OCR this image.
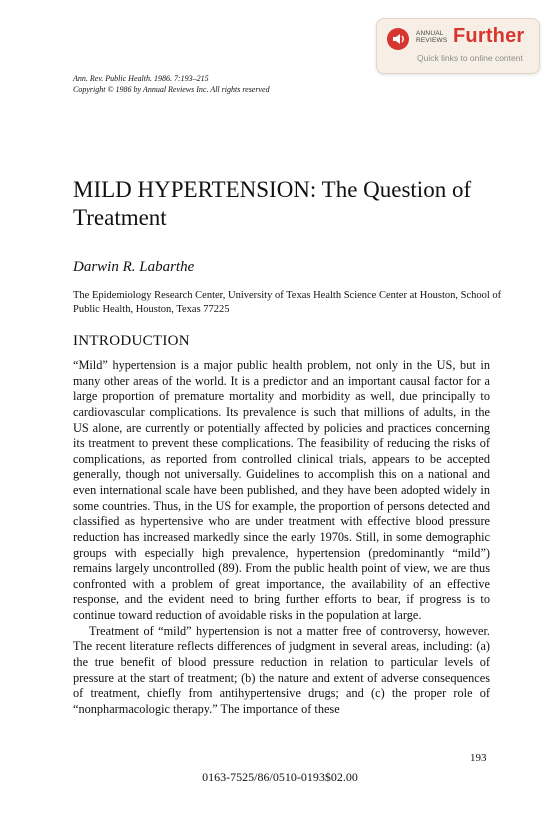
ANNUAL
REVIEWS Further
Quick links to online content
Ann. Rev. Public Health. 1986. 7:193–215
Copyright © 1986 by Annual Reviews Inc. All rights reserved
MILD HYPERTENSION: The Question of Treatment
Darwin R. Labarthe
The Epidemiology Research Center, University of Texas Health Science Center at Houston, School of Public Health, Houston, Texas 77225
INTRODUCTION

“Mild” hypertension is a major public health problem, not only in the US, but in many other areas of the world. It is a predictor and an important causal factor for a large proportion of premature mortality and morbidity as well, due principally to cardiovascular complications. Its prevalence is such that millions of adults, in the US alone, are currently or potentially affected by policies and practices concerning its treatment to prevent these complications. The feasibility of reducing the risks of complications, as reported from controlled clinical trials, appears to be accepted generally, though not universally. Guidelines to accomplish this on a national and even international scale have been published, and they have been adopted widely in some countries. Thus, in the US for example, the proportion of persons detected and classified as hypertensive who are under treatment with effective blood pressure reduction has increased markedly since the early 1970s. Still, in some demographic groups with especially high prevalence, hypertension (predominantly “mild”) remains largely uncontrolled (89). From the public health point of view, we are thus confronted with a problem of great importance, the availability of an effective response, and the evident need to bring further efforts to bear, if progress is to continue toward reduction of avoidable risks in the population at large.

Treatment of “mild” hypertension is not a matter free of controversy, however. The recent literature reflects differences of judgment in several areas, including: (a) the true benefit of blood pressure reduction in relation to particular levels of pressure at the start of treatment; (b) the nature and extent of adverse consequences of treatment, chiefly from antihypertensive drugs; and (c) the proper role of “nonpharmacologic therapy.” The importance of these

193
0163-7525/86/0510-0193$02.00
